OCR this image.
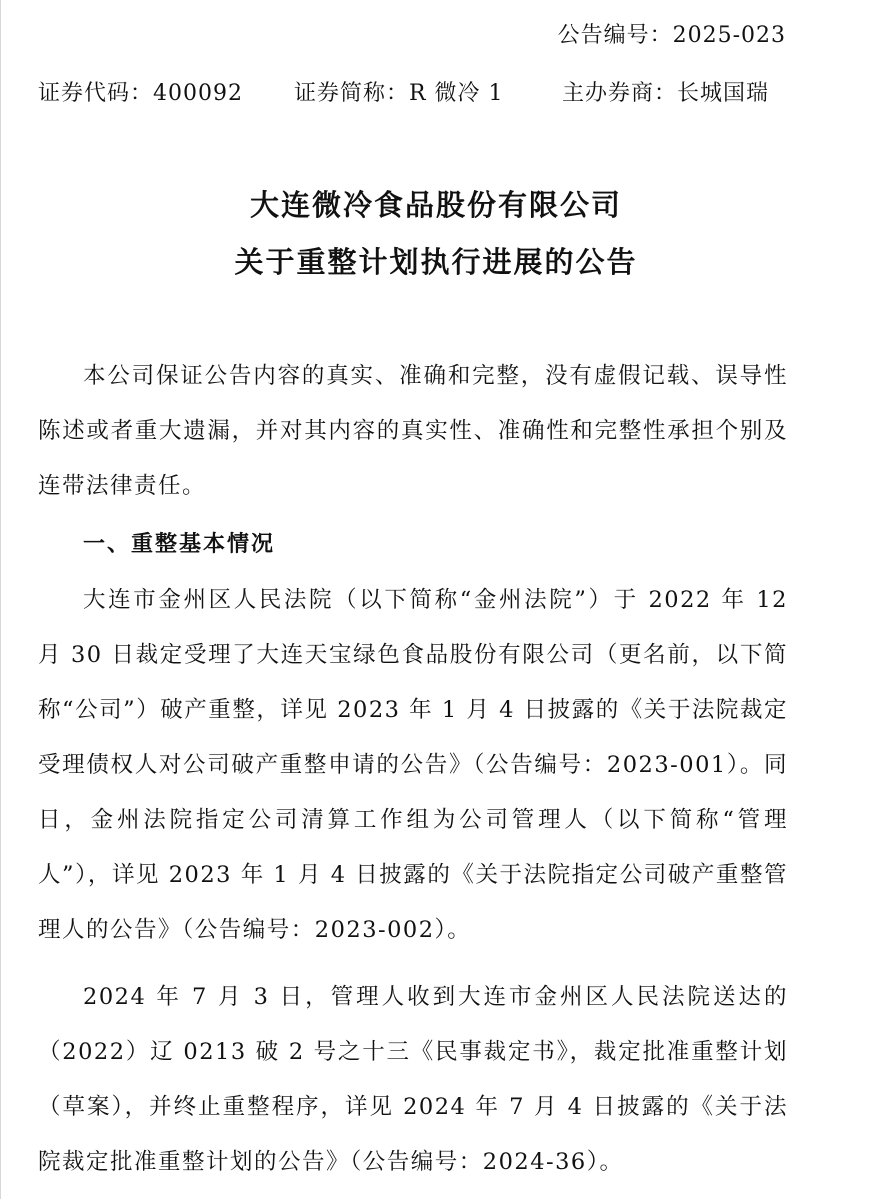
公告编号：2025-023
证券代码：400092 证券简称：R 微冷 1	主办券商：长城国瑞
大连微冷食品股份有限公司
关于重整计划执行进展的公告

本公司保证公告内容的真实、准确和完整，没有虚假记载、误导性陈述或者重大遗漏，并对其内容的真实性、准确性和完整性承担个别及连带法律责任。

一、重整基本情况

大连市金州区人民法院（以下简称“金州法院”）于 2022 年 12 月 30 日裁定受理了大连天宝绿色食品股份有限公司（更名前，以下简称“公司”）破产重整，详见 2023 年 1 月 4 日披露的《关于法院裁定受理债权人对公司破产重整申请的公告》（公告编号：2023-001）。同日，金州法院指定公司清算工作组为公司管理人（以下简称“管理人”），详见 2023 年 1 月 4 日披露的《关于法院指定公司破产重整管理人的公告》（公告编号：2023-002）。

2024 年 7 月 3 日，管理人收到大连市金州区人民法院送达的（2022）辽 0213 破 2 号之十三《民事裁定书》，裁定批准重整计划（草案），并终止重整程序，详见 2024 年 7 月 4 日披露的《关于法院裁定批准重整计划的公告》（公告编号：2024-36）。
